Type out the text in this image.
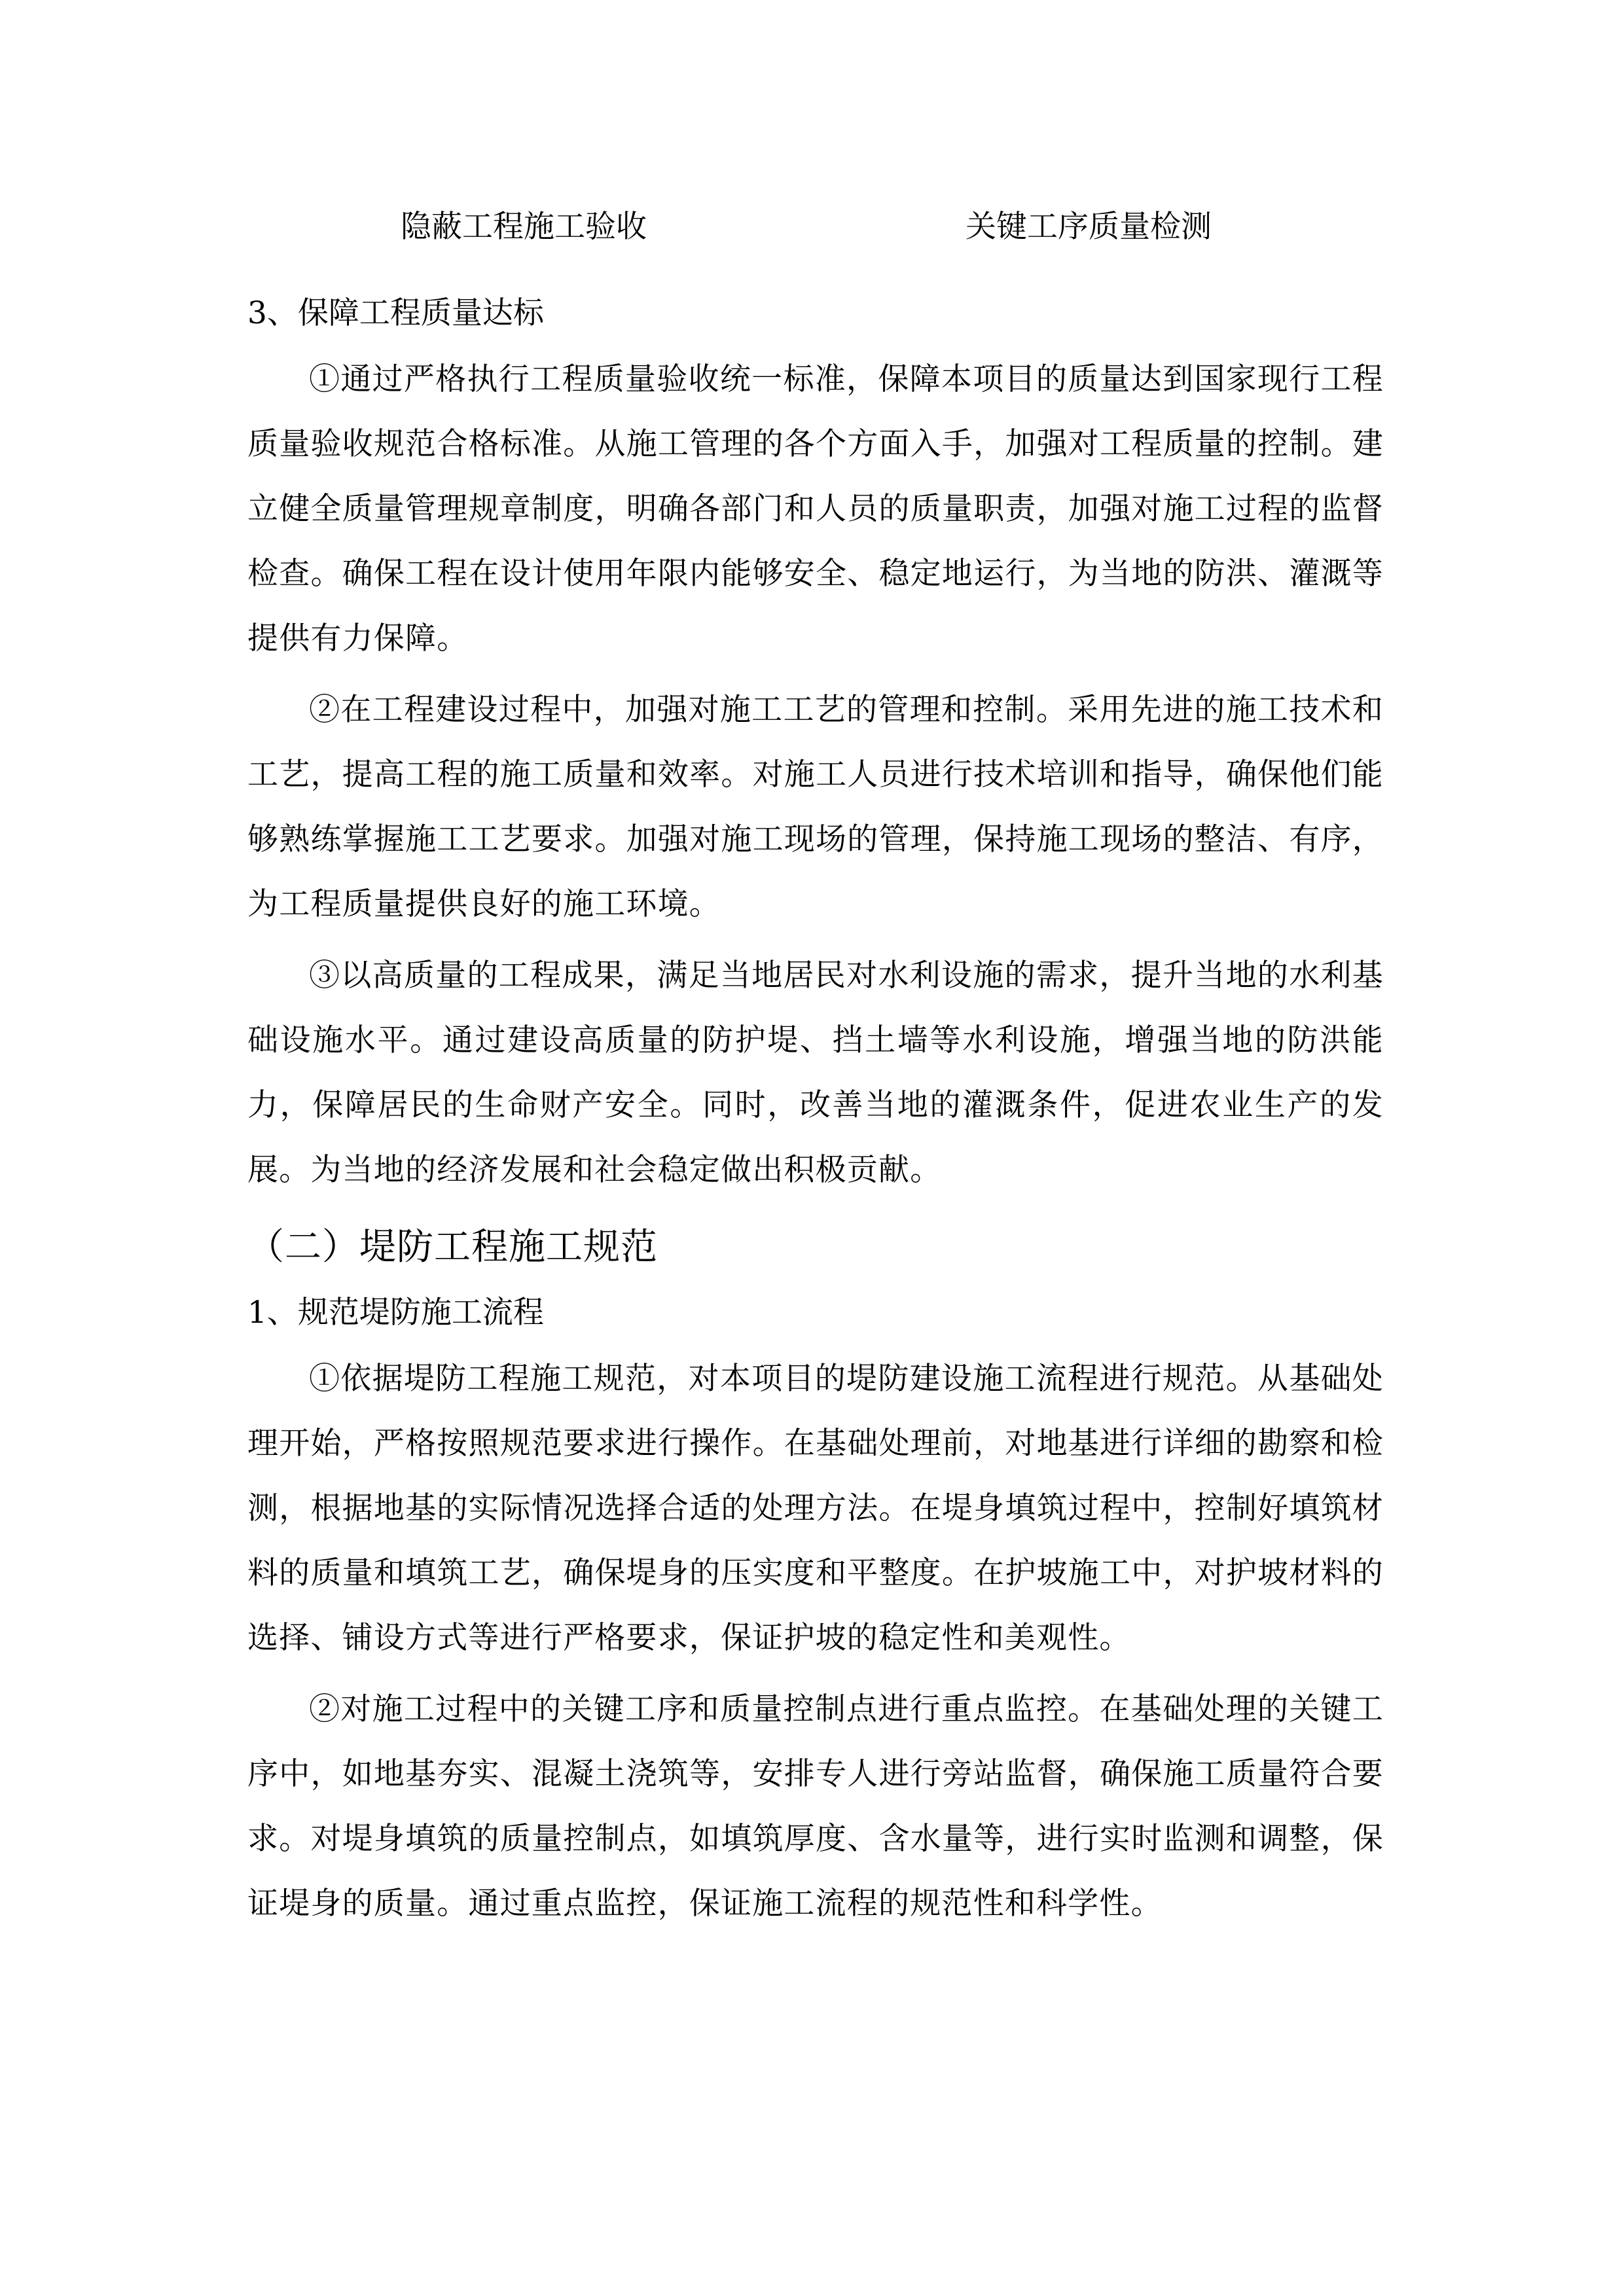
隐蔽工程施工验收	关键工序质量检测
3、保障工程质量达标

①通过严格执行工程质量验收统一标准，保障本项目的质量达到国家现行工程质量验收规范合格标准。从施工管理的各个方面入手，加强对工程质量的控制。建立健全质量管理规章制度，明确各部门和人员的质量职责，加强对施工过程的监督检查。确保工程在设计使用年限内能够安全、稳定地运行，为当地的防洪、灌溉等提供有力保障。

②在工程建设过程中，加强对施工工艺的管理和控制。采用先进的施工技术和工艺，提高工程的施工质量和效率。对施工人员进行技术培训和指导，确保他们能够熟练掌握施工工艺要求。加强对施工现场的管理，保持施工现场的整洁、有序，为工程质量提供良好的施工环境。

③以高质量的工程成果，满足当地居民对水利设施的需求，提升当地的水利基础设施水平。通过建设高质量的防护堤、挡土墙等水利设施，增强当地的防洪能力，保障居民的生命财产安全。同时，改善当地的灌溉条件，促进农业生产的发展。为当地的经济发展和社会稳定做出积极贡献。

（二）堤防工程施工规范
1、规范堤防施工流程

①依据堤防工程施工规范，对本项目的堤防建设施工流程进行规范。从基础处理开始，严格按照规范要求进行操作。在基础处理前，对地基进行详细的勘察和检测，根据地基的实际情况选择合适的处理方法。在堤身填筑过程中，控制好填筑材料的质量和填筑工艺，确保堤身的压实度和平整度。在护坡施工中，对护坡材料的选择、铺设方式等进行严格要求，保证护坡的稳定性和美观性。

②对施工过程中的关键工序和质量控制点进行重点监控。在基础处理的关键工序中，如地基夯实、混凝土浇筑等，安排专人进行旁站监督，确保施工质量符合要求。对堤身填筑的质量控制点，如填筑厚度、含水量等，进行实时监测和调整，保证堤身的质量。通过重点监控，保证施工流程的规范性和科学性。
